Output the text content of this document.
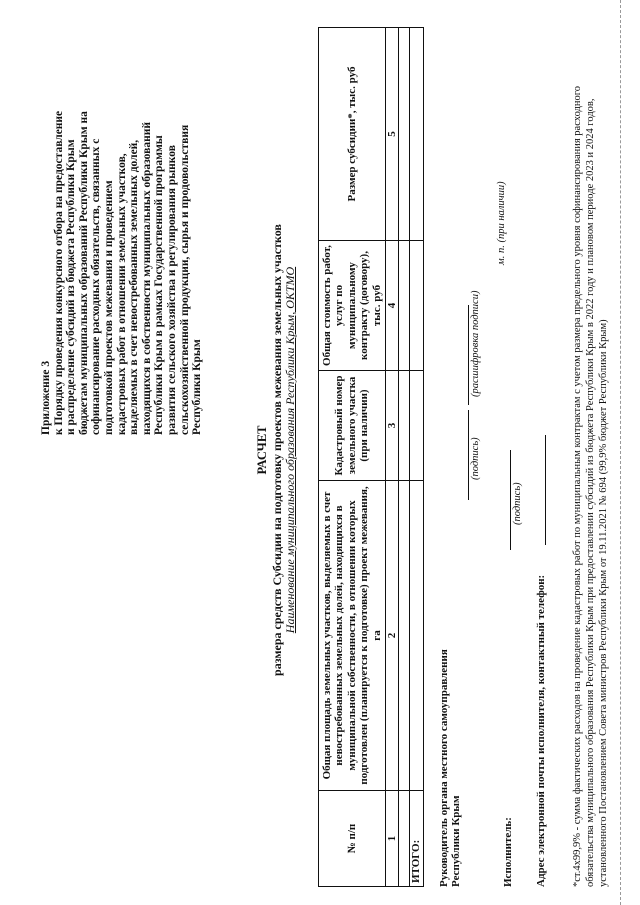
Приложение 3 к Порядку проведения конкурсного отбора на предоставление и распределение субсидий из бюджета Республики Крым бюджетам муниципальных образований Республики Крым на софинансирование расходных обязательств, связанных с подготовкой проектов межевания и проведением кадастровых работ в отношении земельных участков, выделяемых в счет невостребованных земельных долей, находящихся в собственности муниципальных образований Республики Крым в рамках Государственной программы развития сельского хозяйства и регулирования рынков сельскохозяйственной продукции, сырья и продовольствия Республики Крым
РАСЧЕТ размера средств Субсидии на подготовку проектов межевания земельных участков Наименование муниципального образования Республики Крым, ОКТМО
№ п/п	Общая площадь земельных участков, выделяемых в счет невостребованных земельных долей, находящихся в муниципальной собственности, в отношении которых подготовлен (планируется к подготовке) проект межевания, га	Кадастровый номер земельного участка (при наличии)	Общая стоимость работ, услуг по муниципальному контракту (договору), тыс. руб	Размер субсидии*, тыс. руб
1	2	3	4	5

ИТОГО:				Руководитель органа местного самоуправления Республики Крым
(подпись)
(расшифровка подписи)
м. п. (при наличии)
Исполнитель:
(подпись)
Адрес электронной почты исполнителя, контактный телефон: *ст.4х99,9% - сумма фактических расходов на проведение кадастровых работ по муниципальным контрактам с учетом размера предельного уровня софинансирования расходного обязательства муниципального образования Республики Крым при предоставлении субсидий из бюджета Республики Крым в 2022 году и плановом периоде 2023 и 2024 годов, установленного Постановлением Совета министров Республики Крым от 19.11.2021 № 694 (99,9% бюджет Республики Крым)
